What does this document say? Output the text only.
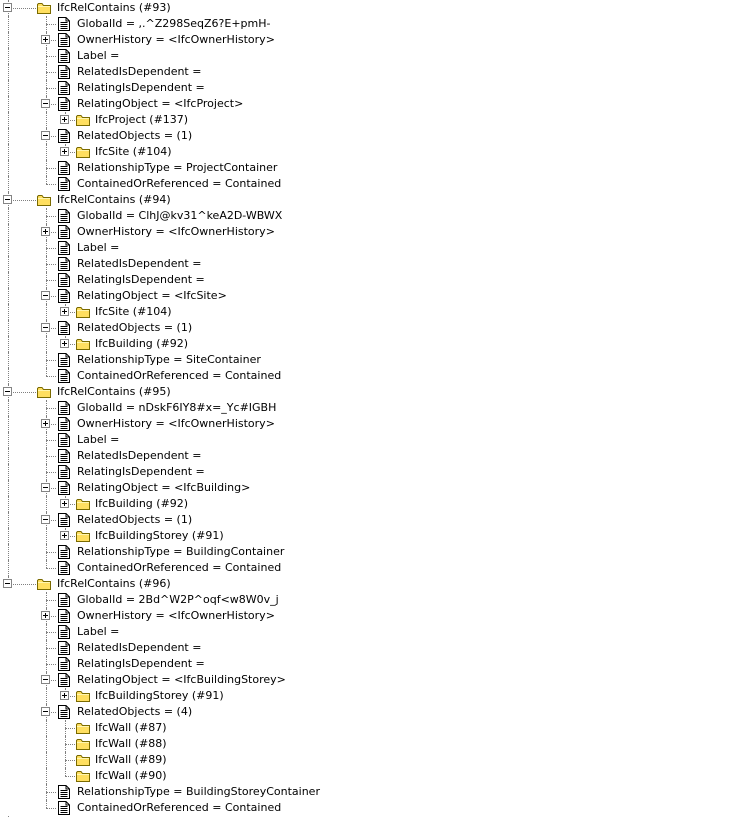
IfcRelContains (#93)
GlobalId = ,.^Z298SeqZ6?E+pmH-
OwnerHistory = <IfcOwnerHistory>
Label =
RelatedIsDependent =
RelatingIsDependent =
RelatingObject = <IfcProject>
IfcProject (#137)
RelatedObjects = (1)
IfcSite (#104)
RelationshipType = ProjectContainer
ContainedOrReferenced = Contained
IfcRelContains (#94)
GlobalId = ClhJ@kv31^keA2D-WBWX
OwnerHistory = <IfcOwnerHistory>
Label =
RelatedIsDependent =
RelatingIsDependent =
RelatingObject = <IfcSite>
IfcSite (#104)
RelatedObjects = (1)
IfcBuilding (#92)
RelationshipType = SiteContainer
ContainedOrReferenced = Contained
IfcRelContains (#95)
GlobalId = nDskF6IY8#x=_Yc#IGBH
OwnerHistory = <IfcOwnerHistory>
Label =
RelatedIsDependent =
RelatingIsDependent =
RelatingObject = <IfcBuilding>
IfcBuilding (#92)
RelatedObjects = (1)
IfcBuildingStorey (#91)
RelationshipType = BuildingContainer
ContainedOrReferenced = Contained
IfcRelContains (#96)
GlobalId = 2Bd^W2P^oqf<w8W0v_j
OwnerHistory = <IfcOwnerHistory>
Label =
RelatedIsDependent =
RelatingIsDependent =
RelatingObject = <IfcBuildingStorey>
IfcBuildingStorey (#91)
RelatedObjects = (4)
IfcWall (#87)
IfcWall (#88)
IfcWall (#89)
IfcWall (#90)
RelationshipType = BuildingStoreyContainer
ContainedOrReferenced = Contained
